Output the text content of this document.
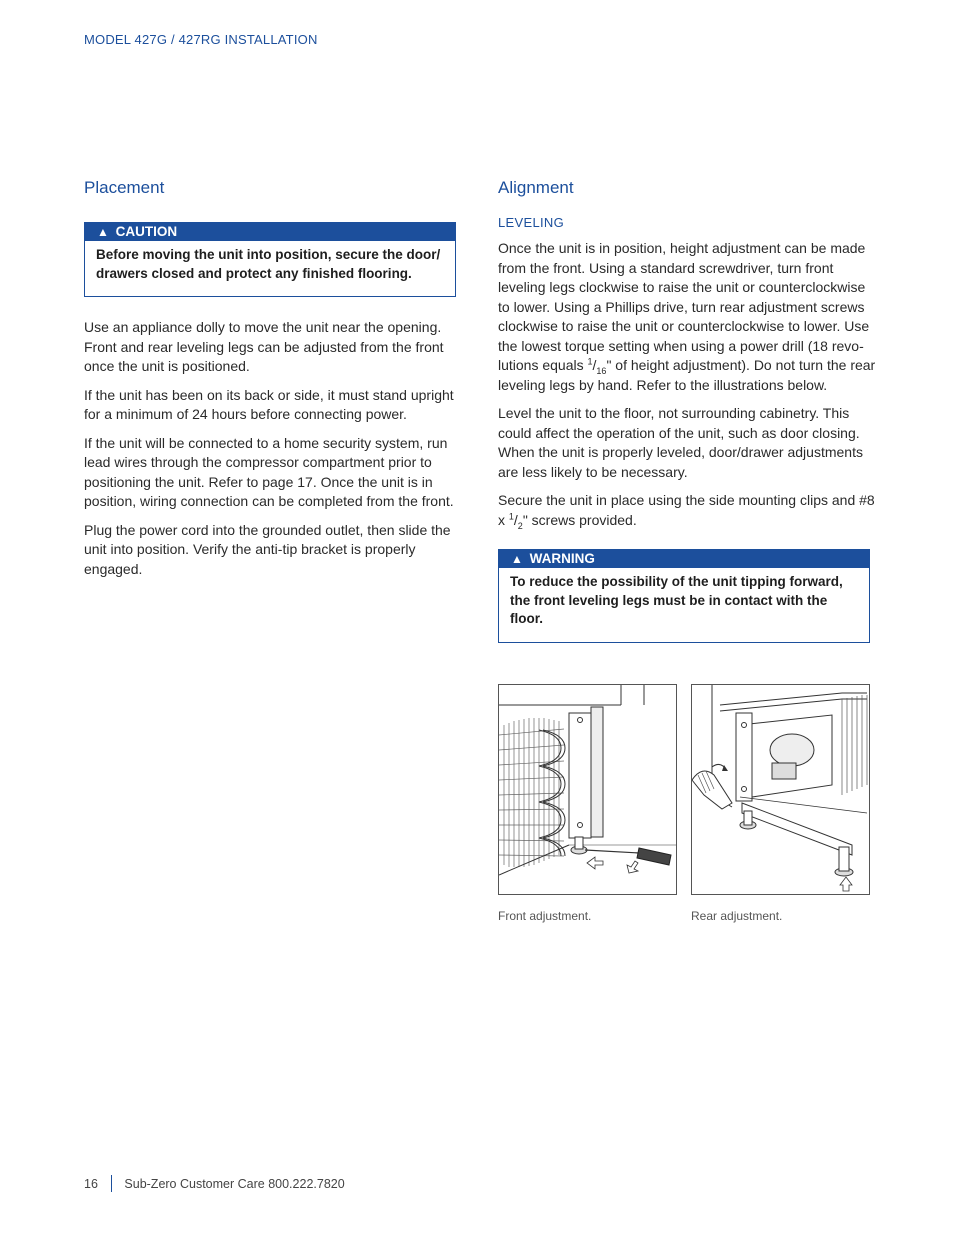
MODEL 427G / 427RG INSTALLATION
Placement
▲ CAUTION
Before moving the unit into position, secure the door/ drawers closed and protect any finished flooring.

Use an appliance dolly to move the unit near the opening. Front and rear leveling legs can be adjusted from the front once the unit is positioned.

If the unit has been on its back or side, it must stand upright for a minimum of 24 hours before connecting power.

If the unit will be connected to a home security system, run lead wires through the compressor compartment prior to positioning the unit. Refer to page 17. Once the unit is in position, wiring connection can be completed from the front.

Plug the power cord into the grounded outlet, then slide the unit into position. Verify the anti-tip bracket is properly engaged.

Alignment
LEVELING

Once the unit is in position, height adjustment can be made from the front. Using a standard screwdriver, turn front leveling legs clockwise to raise the unit or counterclockwise to lower. Using a Phillips drive, turn rear adjustment screws clockwise to raise the unit or counterclockwise to lower. Use the lowest torque setting when using a power drill (18 revo- lutions equals $^1/_{16}$" of height adjustment). Do not turn the rear leveling legs by hand. Refer to the illustrations below.

Level the unit to the floor, not surrounding cabinetry. This could affect the operation of the unit, such as door closing. When the unit is properly leveled, door/drawer adjustments are less likely to be necessary.

Secure the unit in place using the side mounting clips and #8 x $^1/_2$" screws provided.

▲ WARNING
To reduce the possibility of the unit tipping forward, the front leveling legs must be in contact with the floor.
Front adjustment.	Rear adjustment.
16 Sub-Zero Customer Care 800.222.7820
